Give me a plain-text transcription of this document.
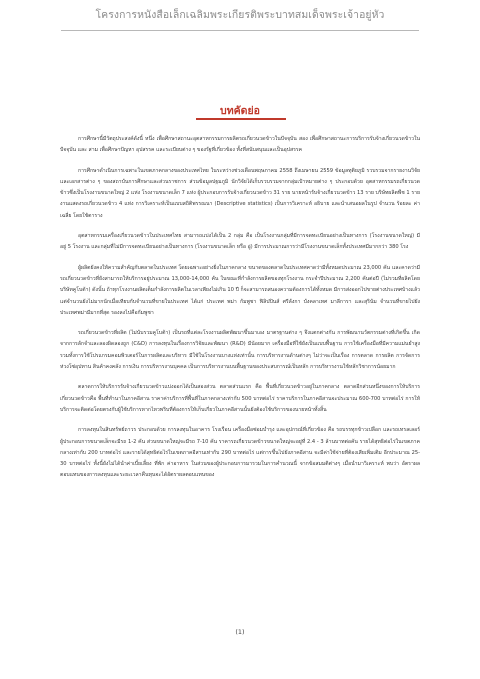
โครงการหนังสือเล็กเฉลิมพระเกียรติพระบาทสมเด็จพระเจ้าอยู่หัว
บทคัดย่อ

การศึกษานี้มีวัตถุประสงค์ดังนี้ หนึ่ง เพื่อศึกษาสถานะอุตสาหกรรมการผลิตรถเกี่ยวนวดข้าวในปัจจุบัน สอง เพื่อศึกษาสถานะการบริการรับจ้างเกี่ยวนวดข้าวในปัจจุบัน และ สาม เพื่อศึกษาปัญหา อุปสรรค และระเบียบต่าง ๆ ของรัฐที่เกี่ยวข้อง ทั้งที่สนับสนุนและเป็นอุปสรรค

การศึกษาดำเนินการเฉพาะในเขตภาคกลางของประเทศไทย ในระหว่างช่วงเดือนพฤษภาคม 2558 ถึงเมษายน 2559 ข้อมูลทุติยภูมิ รวบรวมจากรายงานวิจัยและเอกสารต่าง ๆ ของสถาบันการศึกษาและส่วนราชการ ส่วนข้อมูลปฐมภูมิ นักวิจัยได้เก็บรวบรวมจากกลุ่มเป้าหมายต่าง ๆ ประกอบด้วย อุตสาหกรรมรถเกี่ยวนวดข้าวซึ่งเป็นโรงงานขนาดใหญ่ 2 แห่ง โรงงานขนาดเล็ก 7 แห่ง ผู้ประกอบการรับจ้างเกี่ยวนวดข้าว 31 ราย นายหน้ารับจ้างเกี่ยวนวดข้าว 13 ราย บริษัทผลิตพืช 1 ราย งานแสดงรถเกี่ยวนวดข้าว 4 แห่ง การวิเคราะห์เป็นแบบสถิติพรรณนา (Descriptive statistics) เป็นการวิเคราะห์ อธิบาย และนำเสนอผลในรูป จำนวน ร้อยละ ค่าเฉลี่ย โดยใช้ตาราง

อุตสาหกรรมเครื่องเกี่ยวนวดข้าวในประเทศไทย สามารถแบ่งได้เป็น 2 กลุ่ม คือ เป็นโรงงานกลุ่มที่มีการจดทะเบียนอย่างเป็นทางการ (โรงงานขนาดใหญ่) มีอยู่ 5 โรงงาน และกลุ่มที่ไม่มีการจดทะเบียนอย่างเป็นทางการ (โรงงานขนาดเล็ก หรือ อู่) มีการประมาณการว่ามีโรงงานขนาดเล็กทั้งประเทศมีมากกว่า 380 โรง

ผู้ผลิตยังคงให้ความสำคัญกับตลาดในประเทศ โดยเฉพาะอย่างยิ่งในภาคกลาง ขนาดของตลาดในประเทศคาดว่ามีทั้งหมดประมาณ 23,000 คัน และคาดว่ามีรถเกี่ยวนวดข้าวที่ยังสามารถให้บริการอยู่ประมาณ 13,000-14,000 คัน ในขณะที่กำลังการผลิตของทุกโรงงาน กระจำปีประมาณ 2,200 คันต่อปี (ไม่รวมที่ผลิตโดยบริษัทคูโบต้า) ดังนั้น ถ้าทุกโรงงานผลิตเต็มกำลังการผลิตในเวลาเพียงไม่เกิน 10 ปี ก็จะสามารถสนองความต้องการได้ทั้งหมด มีการส่งออกไปขายต่างประเทศบ้างแล้วแต่จำนวนยังไม่มากนักเมื่อเทียบกับจำนวนที่ขายในประเทศ ได้แก่ ประเทศ พม่า กัมพูชา ฟิลิปปินส์ ศรีลังกา บังคลาเทศ มาลีการา และสุรินัม จำนวนที่ขายไปยังประเทศพม่ามีมากที่สุด รองลงไปคือกัมพูชา

รถเกี่ยวนวดข้าวที่ผลิต (ไม่นับรวมคูโบต้า) เป็นรถที่แต่ละโรงงานผลิตพัฒนาขึ้นมาเอง มาตรฐานต่าง ๆ จึงแตกต่างกัน การพัฒนานวัตกรรมต่างที่เกิดขึ้น เกิดจากการลักจำและลองผิดลองถูก (C&D) การลงทุนในเรื่องการวิจัยและพัฒนา (R&D) มีน้อยมาก เครื่องมือที่ใช้ยังเป็นแบบพื้นฐาน การใช้เครื่องมือที่มีความแม่นยำสูง รวมทั้งการใช้โปรแกรมคอมพิวเตอร์ในการผลิตและบริหาร มีใช้ในโรงงานบางแห่งเท่านั้น การบริหารงานด้านต่างๆ ไม่ว่าจะเป็นเรื่อง การตลาด การผลิต การจัดการห่วงโซ่อุปทาน สินค้าคงคลัง การเงิน การบริหารงานบุคคล เป็นการบริหารงานบนพื้นฐานของประสบการณ์เป็นหลัก การบริหารงานใช้หลักวิชาการน้อยมาก

ตลาดการให้บริการรับจ้างเกี่ยวนวดข้าวแบ่งออกได้เป็นสองส่วน ตลาดส่วนแรก คือ พื้นที่เกี่ยวนวดข้าวอยู่ในภาคกลาง ตลาดอีกส่วนหนึ่งของการให้บริการเกี่ยวนวดข้าวคือ พื้นที่ทำนาในภาคอีสาน ราคาค่าบริการที่พื้นที่ในภาคกลางเท่ากับ 500 บาทต่อไร่ ราคาบริการในภาคอีสานจะประมาณ 600-700 บาทต่อไร่ การให้บริการจะติดต่อโดยตรงกับผู้ใช้บริการหากไหวพริบที่ต้องการให้เก็บเกี่ยวในภาคอีสานนั้นยังต้องใช้บริการของนายหน้าทั้งสิ้น

การลงทุนในสินทรัพย์ถาวร ประกอบด้วย การลงทุนในอาคาร โรงเรือน เครื่องมือซ่อมบำรุง และอุปกรณ์ที่เกี่ยวข้อง คือ รถบรรทุกข้าวเปลือก และรถเทรลเลอร์ ผู้ประกอบการขนาดเล็กจะมีรถ 1-2 คัน ส่วนขนาดใหญ่จะมีรถ 7-10 คัน ราคารถเกี่ยวนวดข้าวขนาดใหญ่จะอยู่ที่ 2.4 - 3 ล้านบาทต่อคัน รายได้สุทธิต่อไร่ในเขตภาคกลางเท่ากับ 200 บาทต่อไร่ และรายได้สุทธิต่อไร่ในเขตภาคอีสานเท่ากับ 290 บาทต่อไร่ แต่การขึ้นไปยังภาคอีสาน จะมีค่าใช้จ่ายที่ต้องเสียเพิ่มเติม อีกประมาณ 25-30 บาทต่อไร่ ทั้งนี้ยังไม่ได้นำค่าเบี้ยเลี้ยง ที่พัก ค่าอาหาร ในส่วนของผู้ประกอบการมารวมในการคำนวณนี้ จากข้อสมมติต่างๆ เมื่อนำมาวิเคราะห์ พบว่า อัตราผลตอบแทนของการลงทุนและระยะเวลาคืนทุนจะได้อัตราผลตอบแทนของ

(1)
